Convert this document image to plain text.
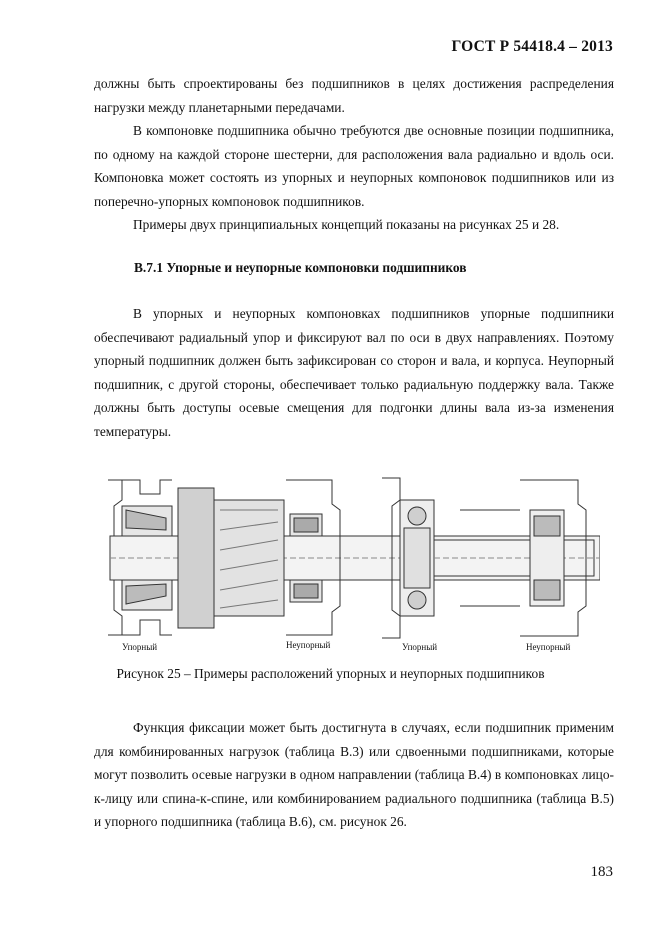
ГОСТ Р 54418.4 – 2013
должны быть спроектированы без подшипников в целях достижения распределения нагрузки между планетарными передачами.
В компоновке подшипника обычно требуются две основные позиции подшипника, по одному на каждой стороне шестерни, для расположения вала радиально и вдоль оси. Компоновка может состоять из упорных и неупорных компоновок подшипников или из поперечно-упорных компоновок подшипников.
Примеры двух принципиальных концепций показаны на рисунках 25 и 28.
В.7.1 Упорные и неупорные компоновки подшипников
В упорных и неупорных компоновках подшипников упорные подшипники обеспечивают радиальный упор и фиксируют вал по оси в двух направлениях. Поэтому упорный подшипник должен быть зафиксирован со сторон и вала, и корпуса. Неупорный подшипник, с другой стороны, обеспечивает только радиальную поддержку вала. Также должны быть доступы осевые смещения для подгонки длины вала из-за изменения температуры.
Упорный	Неупорный	Упорный	Неупорный
Рисунок 25 – Примеры расположений упорных и неупорных подшипников
Функция фиксации может быть достигнута в случаях, если подшипник применим для комбинированных нагрузок (таблица В.3) или сдвоенными подшипниками, которые могут позволить осевые нагрузки в одном направлении (таблица В.4) в компоновках лицо-к-лицу или спина-к-спине, или комбинированием радиального подшипника (таблица В.5) и упорного подшипника (таблица В.6), см. рисунок 26.
183
